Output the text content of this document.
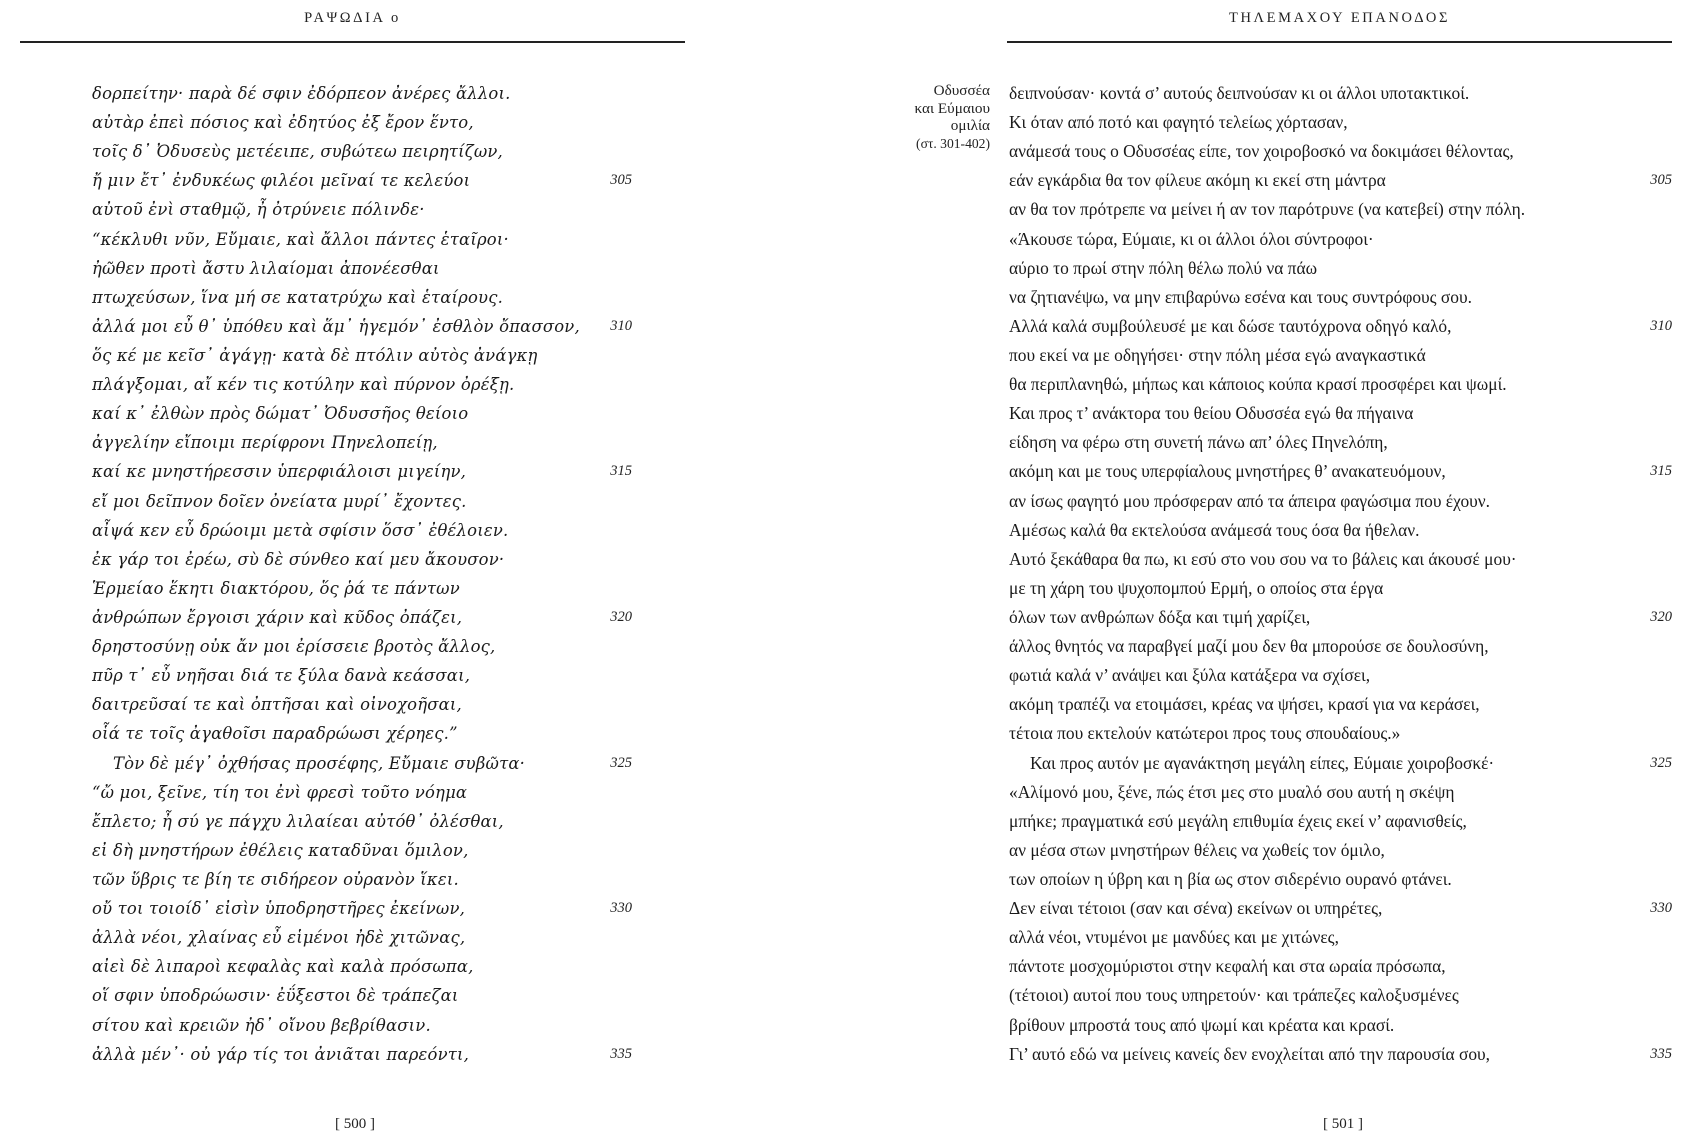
ΡΑΨΩΔΙΑ ο
δορπείτην· παρὰ δέ σφιν ἐδόρπεον ἀνέρες ἄλλοι.
αὐτὰρ ἐπεὶ πόσιος καὶ ἐδητύος ἐξ ἔρον ἕντο,
τοῖς δ᾽ Ὀδυσεὺς μετέειπε, συβώτεω πειρητίζων,
ἤ μιν ἔτ᾽ ἐνδυκέως φιλέοι μεῖναί τε κελεύοι	305
αὐτοῦ ἐνὶ σταθμῷ, ἦ ὀτρύνειε πόλινδε·
“κέκλυθι νῦν, Εὔμαιε, καὶ ἄλλοι πάντες ἑταῖροι·
ἠῶθεν προτὶ ἄστυ λιλαίομαι ἀπονέεσθαι
πτωχεύσων, ἵνα μή σε κατατρύχω καὶ ἑταίρους.
ἀλλά μοι εὖ θ᾽ ὑπόθευ καὶ ἅμ᾽ ἡγεμόν᾽ ἐσθλὸν ὄπασσον, 310
ὅς κέ με κεῖσ᾽ ἀγάγῃ· κατὰ δὲ πτόλιν αὐτὸς ἀνάγκῃ
πλάγξομαι, αἴ κέν τις κοτύλην καὶ πύρνον ὀρέξῃ.
καί κ᾽ ἐλθὼν πρὸς δώματ᾽ Ὀδυσσῆος θείοιο
ἀγγελίην εἴποιμι περίφρονι Πηνελοπείῃ,
καί κε μνηστήρεσσιν ὑπερφιάλοισι μιγείην,	315
εἴ μοι δεῖπνον δοῖεν ὀνείατα μυρί᾽ ἔχοντες.
αἶψά κεν εὖ δρώοιμι μετὰ σφίσιν ὅσσ᾽ ἐθέλοιεν.
ἐκ γάρ τοι ἐρέω, σὺ δὲ σύνθεο καί μευ ἄκουσον·
Ἑρμείαο ἕκητι διακτόρου, ὅς ῥά τε πάντων
ἀνθρώπων ἔργοισι χάριν καὶ κῦδος ὀπάζει,	320
δρηστοσύνῃ οὐκ ἄν μοι ἐρίσσειε βροτὸς ἄλλος,
πῦρ τ᾽ εὖ νηῆσαι διά τε ξύλα δανὰ κεάσσαι,
δαιτρεῦσαί τε καὶ ὀπτῆσαι καὶ οἰνοχοῆσαι,
οἷά τε τοῖς ἀγαθοῖσι παραδρώωσι χέρηες.”
Τὸν δὲ μέγ᾽ ὀχθήσας προσέφης, Εὔμαιε συβῶτα·	325
“ὤ μοι, ξεῖνε, τίη τοι ἐνὶ φρεσὶ τοῦτο νόημα
ἔπλετο; ἦ σύ γε πάγχυ λιλαίεαι αὐτόθ᾽ ὀλέσθαι,
εἰ δὴ μνηστήρων ἐθέλεις καταδῦναι ὅμιλον,
τῶν ὕβρις τε βίη τε σιδήρεον οὐρανὸν ἵκει.
οὔ τοι τοιοίδ᾽ εἰσὶν ὑποδρηστῆρες ἐκείνων,	330
ἀλλὰ νέοι, χλαίνας εὖ εἱμένοι ἠδὲ χιτῶνας,
αἰεὶ δὲ λιπαροὶ κεφαλὰς καὶ καλὰ πρόσωπα,
οἵ σφιν ὑποδρώωσιν· ἐΰξεστοι δὲ τράπεζαι
σίτου καὶ κρειῶν ἠδ᾽ οἴνου βεβρίθασιν.
ἀλλὰ μέν᾽· οὐ γάρ τίς τοι ἀνιᾶται παρεόντι,	335
[ 500 ]
ΤΗΛΕΜΑΧΟΥ ΕΠΑΝΟΔΟΣ
Οδυσσέα
και Εύμαιου
ομιλία
(στ. 301-402)
δειπνούσαν· κοντά σ’ αυτούς δειπνούσαν κι οι άλλοι υποτακτικοί.
Κι όταν από ποτό και φαγητό τελείως χόρτασαν,
ανάμεσά τους ο Οδυσσέας είπε, τον χοιροβοσκό να δοκιμάσει θέλοντας,
εάν εγκάρδια θα τον φίλευε ακόμη κι εκεί στη μάντρα	305
αν θα τον πρότρεπε να μείνει ή αν τον παρότρυνε (να κατεβεί) στην πόλη.
«Άκουσε τώρα, Εύμαιε, κι οι άλλοι όλοι σύντροφοι·
αύριο το πρωί στην πόλη θέλω πολύ να πάω
να ζητιανέψω, να μην επιβαρύνω εσένα και τους συντρόφους σου.
Αλλά καλά συμβούλευσέ με και δώσε ταυτόχρονα οδηγό καλό,	310
που εκεί να με οδηγήσει· στην πόλη μέσα εγώ αναγκαστικά
θα περιπλανηθώ, μήπως και κάποιος κούπα κρασί προσφέρει και ψωμί.
Και προς τ’ ανάκτορα του θείου Οδυσσέα εγώ θα πήγαινα
είδηση να φέρω στη συνετή πάνω απ’ όλες Πηνελόπη,
ακόμη και με τους υπερφίαλους μνηστήρες θ’ ανακατευόμουν,	315
αν ίσως φαγητό μου πρόσφεραν από τα άπειρα φαγώσιμα που έχουν.
Αμέσως καλά θα εκτελούσα ανάμεσά τους όσα θα ήθελαν.
Αυτό ξεκάθαρα θα πω, κι εσύ στο νου σου να το βάλεις και άκουσέ μου·
με τη χάρη του ψυχοπομπού Ερμή, ο οποίος στα έργα
όλων των ανθρώπων δόξα και τιμή χαρίζει,	320
άλλος θνητός να παραβγεί μαζί μου δεν θα μπορούσε σε δουλοσύνη,
φωτιά καλά ν’ ανάψει και ξύλα κατάξερα να σχίσει,
ακόμη τραπέζι να ετοιμάσει, κρέας να ψήσει, κρασί για να κεράσει,
τέτοια που εκτελούν κατώτεροι προς τους σπουδαίους.»
Και προς αυτόν με αγανάκτηση μεγάλη είπες, Εύμαιε χοιροβοσκέ·	325
«Αλίμονό μου, ξένε, πώς έτσι μες στο μυαλό σου αυτή η σκέψη
μπήκε; πραγματικά εσύ μεγάλη επιθυμία έχεις εκεί ν’ αφανισθείς,
αν μέσα στων μνηστήρων θέλεις να χωθείς τον όμιλο,
των οποίων η ύβρη και η βία ως στον σιδερένιο ουρανό φτάνει.
Δεν είναι τέτοιοι (σαν και σένα) εκείνων οι υπηρέτες,	330
αλλά νέοι, ντυμένοι με μανδύες και με χιτώνες,
πάντοτε μοσχομύριστοι στην κεφαλή και στα ωραία πρόσωπα,
(τέτοιοι) αυτοί που τους υπηρετούν· και τράπεζες καλοξυσμένες
βρίθουν μπροστά τους από ψωμί και κρέατα και κρασί.
Γι’ αυτό εδώ να μείνεις κανείς δεν ενοχλείται από την παρουσία σου,	335
[ 501 ]
